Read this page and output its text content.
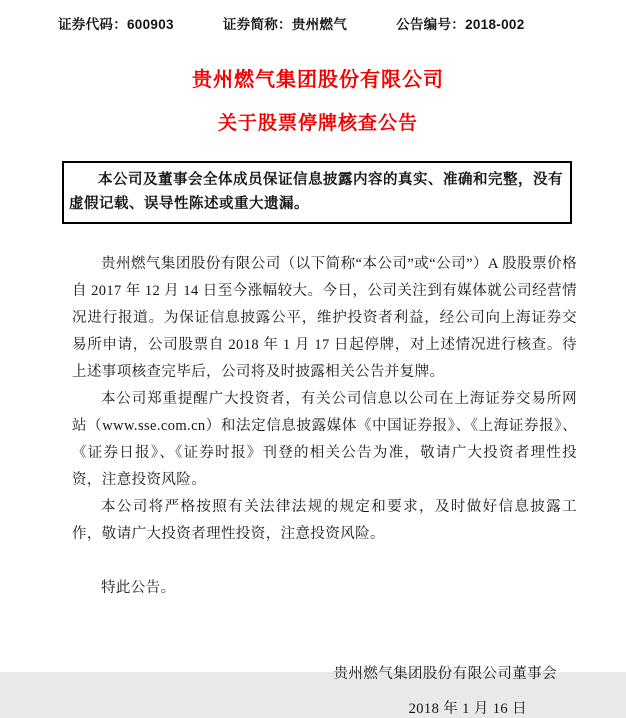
证券代码：600903	证券简称：贵州燃气	公告编号：2018-002
贵州燃气集团股份有限公司
关于股票停牌核查公告
本公司及董事会全体成员保证信息披露内容的真实、准确和完整，没有虚假记载、误导性陈述或重大遗漏。

贵州燃气集团股份有限公司（以下简称“本公司”或“公司”）A 股股票价格自 2017 年 12 月 14 日至今涨幅较大。今日，公司关注到有媒体就公司经营情况进行报道。为保证信息披露公平，维护投资者利益，经公司向上海证券交易所申请，公司股票自 2018 年 1 月 17 日起停牌，对上述情况进行核查。待上述事项核查完毕后，公司将及时披露相关公告并复牌。

本公司郑重提醒广大投资者，有关公司信息以公司在上海证券交易所网站（www.sse.com.cn）和法定信息披露媒体《中国证券报》、《上海证券报》、《证券日报》、《证券时报》刊登的相关公告为准，敬请广大投资者理性投资，注意投资风险。

本公司将严格按照有关法律法规的规定和要求，及时做好信息披露工作，敬请广大投资者理性投资，注意投资风险。

特此公告。

贵州燃气集团股份有限公司董事会
2018 年 1 月 16 日
